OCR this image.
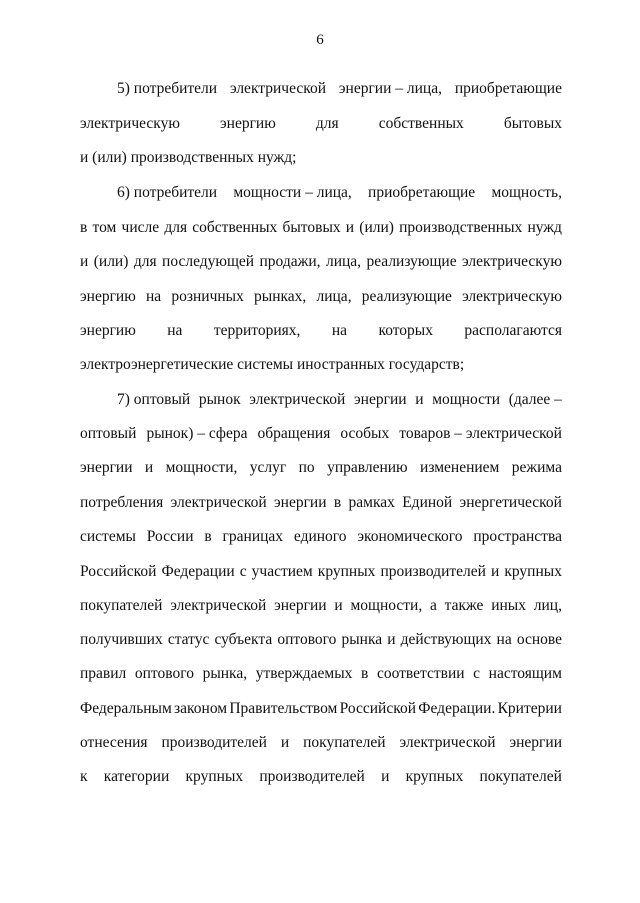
6
5) потребители электрической энергии – лица, приобретающие
электрическую	энергию	для	собственных	бытовых
и (или) производственных нужд;
6) потребители мощности – лица, приобретающие мощность,
в том числе для собственных бытовых и (или) производственных нужд
и (или) для последующей продажи, лица, реализующие электрическую
энергию на розничных рынках, лица, реализующие электрическую
энергию на территориях, на которых располагаются
электроэнергетические системы иностранных государств;
7) оптовый рынок электрической энергии и мощности (далее –
оптовый рынок) – сфера обращения особых товаров – электрической
энергии и мощности, услуг по управлению изменением режима
потребления электрической энергии в рамках Единой энергетической
системы России в границах единого экономического пространства
Российской Федерации с участием крупных производителей и крупных
покупателей электрической энергии и мощности, а также иных лиц,
получивших статус субъекта оптового рынка и действующих на основе
правил оптового рынка, утверждаемых в соответствии с настоящим
Федеральным законом Правительством Российской Федерации. Критерии
отнесения производителей и покупателей электрической энергии
к категории крупных производителей и крупных покупателей
